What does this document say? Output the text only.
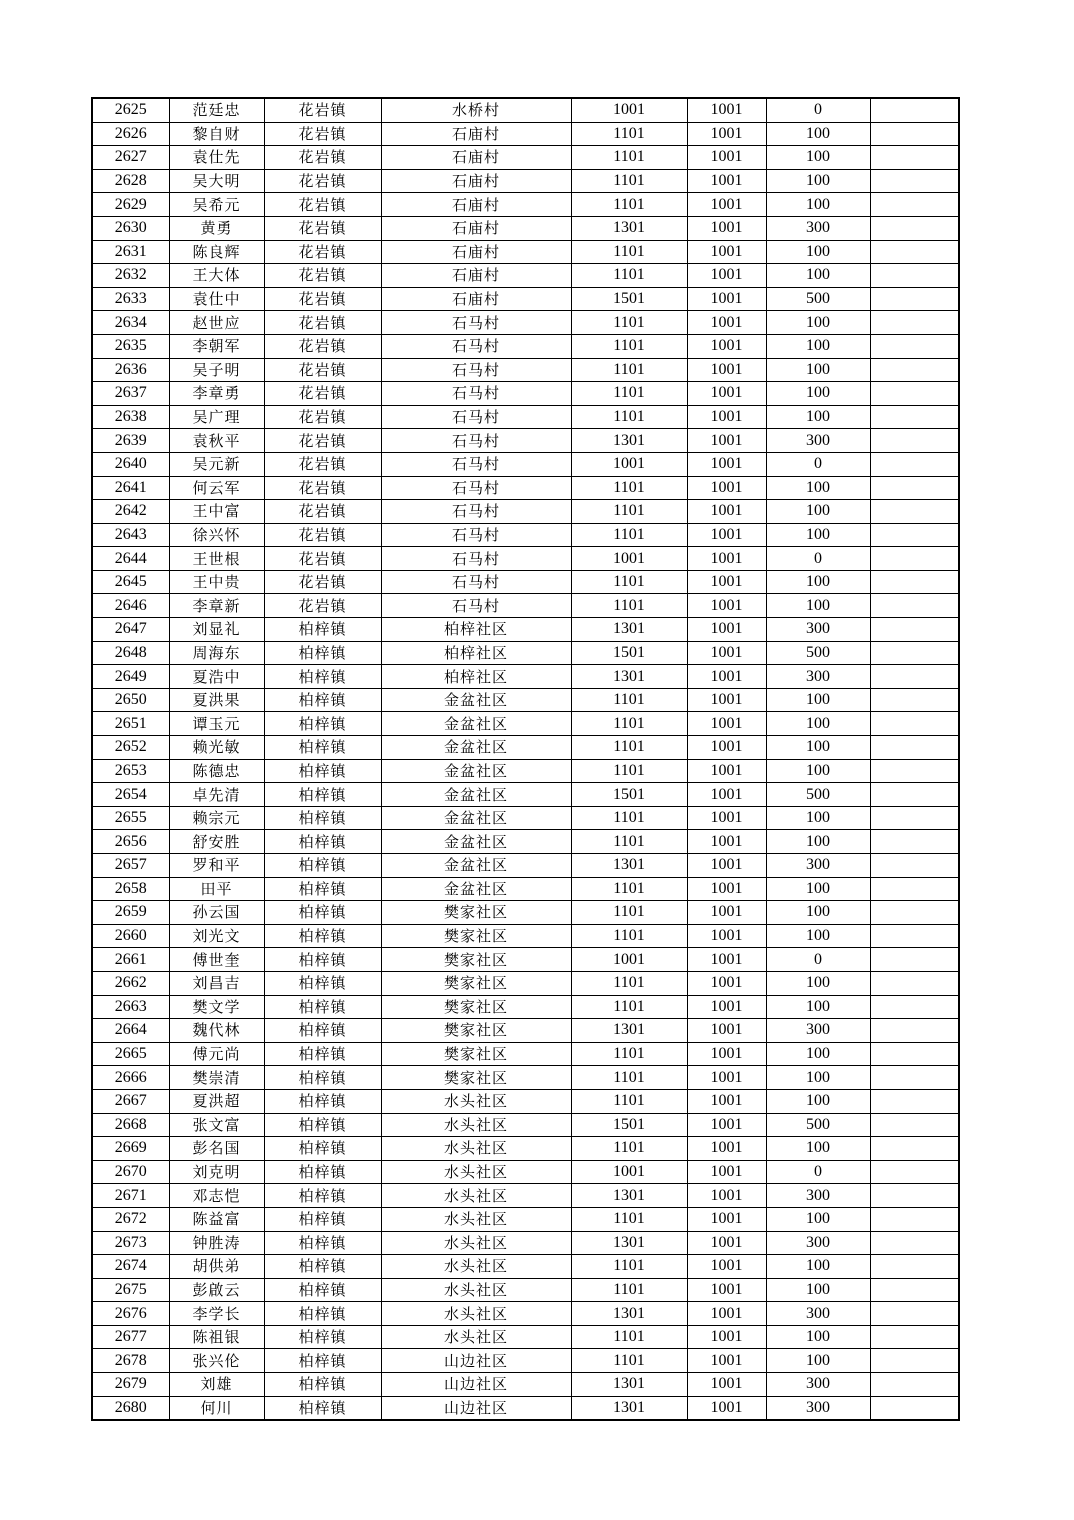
2625	范廷忠	花岩镇	水桥村	1001	1001	0	
2626	黎自财	花岩镇	石庙村	1101	1001	100	
2627	袁仕先	花岩镇	石庙村	1101	1001	100	
2628	吴大明	花岩镇	石庙村	1101	1001	100	
2629	吴希元	花岩镇	石庙村	1101	1001	100	
2630	黄勇	花岩镇	石庙村	1301	1001	300	
2631	陈良辉	花岩镇	石庙村	1101	1001	100	
2632	王大体	花岩镇	石庙村	1101	1001	100	
2633	袁仕中	花岩镇	石庙村	1501	1001	500	
2634	赵世应	花岩镇	石马村	1101	1001	100	
2635	李朝军	花岩镇	石马村	1101	1001	100	
2636	吴子明	花岩镇	石马村	1101	1001	100	
2637	李章勇	花岩镇	石马村	1101	1001	100	
2638	吴广理	花岩镇	石马村	1101	1001	100	
2639	袁秋平	花岩镇	石马村	1301	1001	300	
2640	吴元新	花岩镇	石马村	1001	1001	0	
2641	何云军	花岩镇	石马村	1101	1001	100	
2642	王中富	花岩镇	石马村	1101	1001	100	
2643	徐兴怀	花岩镇	石马村	1101	1001	100	
2644	王世根	花岩镇	石马村	1001	1001	0	
2645	王中贵	花岩镇	石马村	1101	1001	100	
2646	李章新	花岩镇	石马村	1101	1001	100	
2647	刘显礼	柏梓镇	柏梓社区	1301	1001	300	
2648	周海东	柏梓镇	柏梓社区	1501	1001	500	
2649	夏浩中	柏梓镇	柏梓社区	1301	1001	300	
2650	夏洪果	柏梓镇	金盆社区	1101	1001	100	
2651	谭玉元	柏梓镇	金盆社区	1101	1001	100	
2652	赖光敏	柏梓镇	金盆社区	1101	1001	100	
2653	陈德忠	柏梓镇	金盆社区	1101	1001	100	
2654	卓先清	柏梓镇	金盆社区	1501	1001	500	
2655	赖宗元	柏梓镇	金盆社区	1101	1001	100	
2656	舒安胜	柏梓镇	金盆社区	1101	1001	100	
2657	罗和平	柏梓镇	金盆社区	1301	1001	300	
2658	田平	柏梓镇	金盆社区	1101	1001	100	
2659	孙云国	柏梓镇	樊家社区	1101	1001	100	
2660	刘光文	柏梓镇	樊家社区	1101	1001	100	
2661	傅世奎	柏梓镇	樊家社区	1001	1001	0	
2662	刘昌吉	柏梓镇	樊家社区	1101	1001	100	
2663	樊文学	柏梓镇	樊家社区	1101	1001	100	
2664	魏代林	柏梓镇	樊家社区	1301	1001	300	
2665	傅元尚	柏梓镇	樊家社区	1101	1001	100	
2666	樊崇清	柏梓镇	樊家社区	1101	1001	100	
2667	夏洪超	柏梓镇	水头社区	1101	1001	100	
2668	张文富	柏梓镇	水头社区	1501	1001	500	
2669	彭名国	柏梓镇	水头社区	1101	1001	100	
2670	刘克明	柏梓镇	水头社区	1001	1001	0	
2671	邓志恺	柏梓镇	水头社区	1301	1001	300	
2672	陈益富	柏梓镇	水头社区	1101	1001	100	
2673	钟胜涛	柏梓镇	水头社区	1301	1001	300	
2674	胡供弟	柏梓镇	水头社区	1101	1001	100	
2675	彭啟云	柏梓镇	水头社区	1101	1001	100	
2676	李学长	柏梓镇	水头社区	1301	1001	300	
2677	陈祖银	柏梓镇	水头社区	1101	1001	100	
2678	张兴伦	柏梓镇	山边社区	1101	1001	100	
2679	刘雄	柏梓镇	山边社区	1301	1001	300	
2680	何川	柏梓镇	山边社区	1301	1001	300	
